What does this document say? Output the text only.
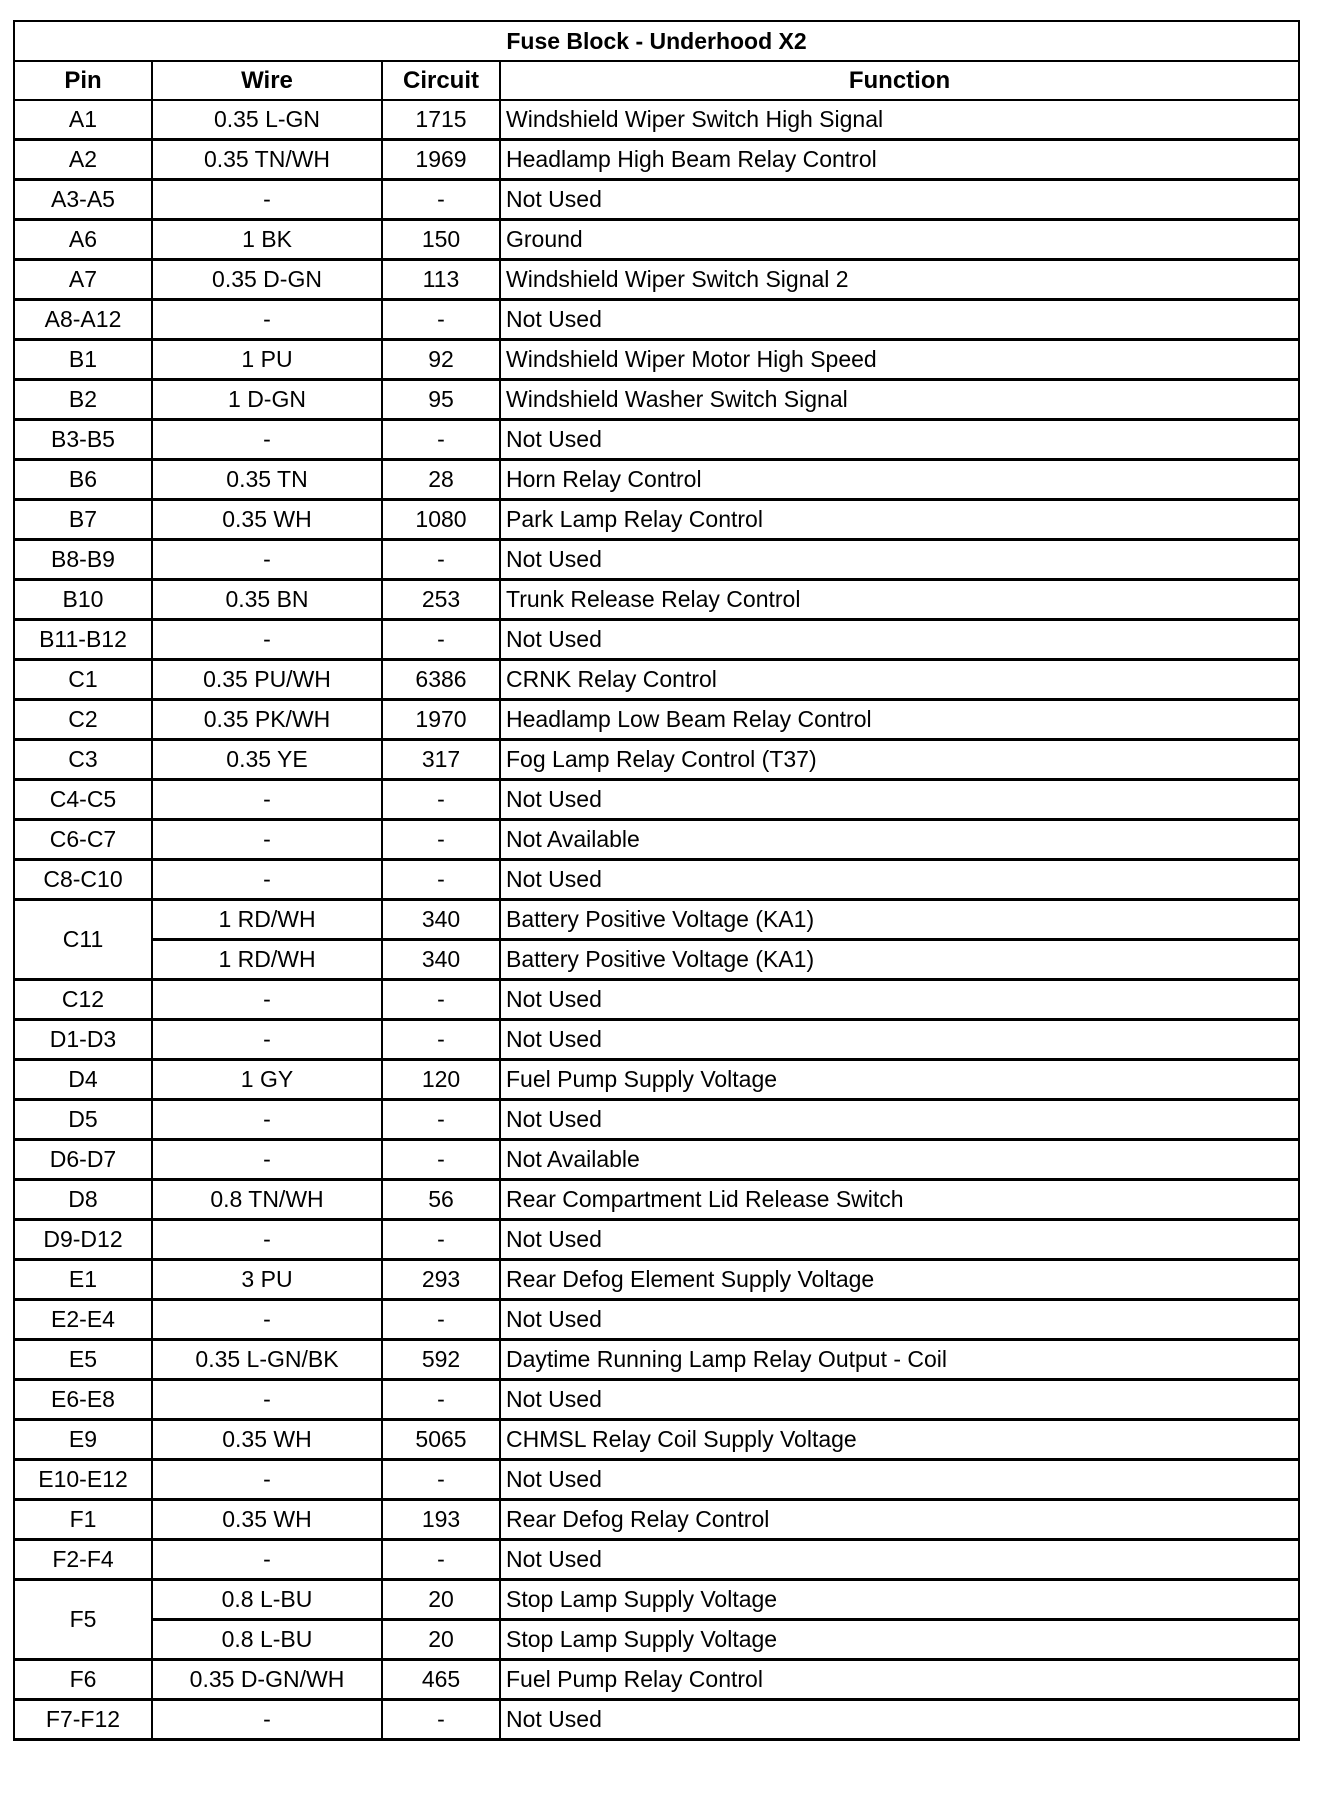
Fuse Block - Underhood X2			
Pin	Wire	Circuit	Function
A1	0.35 L-GN	1715	Windshield Wiper Switch High Signal
A2	0.35 TN/WH	1969	Headlamp High Beam Relay Control
A3-A5	-	-	Not Used
A6	1 BK	150	Ground
A7	0.35 D-GN	113	Windshield Wiper Switch Signal 2
A8-A12	-	-	Not Used
B1	1 PU	92	Windshield Wiper Motor High Speed
B2	1 D-GN	95	Windshield Washer Switch Signal
B3-B5	-	-	Not Used
B6	0.35 TN	28	Horn Relay Control
B7	0.35 WH	1080	Park Lamp Relay Control
B8-B9	-	-	Not Used
B10	0.35 BN	253	Trunk Release Relay Control
B11-B12	-	-	Not Used
C1	0.35 PU/WH	6386	CRNK Relay Control
C2	0.35 PK/WH	1970	Headlamp Low Beam Relay Control
C3	0.35 YE	317	Fog Lamp Relay Control (T37)
C4-C5	-	-	Not Used
C6-C7	-	-	Not Available
C8-C10	-	-	Not Used
C11	1 RD/WH	340	Battery Positive Voltage (KA1)
	1 RD/WH	340	Battery Positive Voltage (KA1)
C12	-	-	Not Used
D1-D3	-	-	Not Used
D4	1 GY	120	Fuel Pump Supply Voltage
D5	-	-	Not Used
D6-D7	-	-	Not Available
D8	0.8 TN/WH	56	Rear Compartment Lid Release Switch
D9-D12	-	-	Not Used
E1	3 PU	293	Rear Defog Element Supply Voltage
E2-E4	-	-	Not Used
E5	0.35 L-GN/BK	592	Daytime Running Lamp Relay Output - Coil
E6-E8	-	-	Not Used
E9	0.35 WH	5065	CHMSL Relay Coil Supply Voltage
E10-E12	-	-	Not Used
F1	0.35 WH	193	Rear Defog Relay Control
F2-F4	-	-	Not Used
F5	0.8 L-BU	20	Stop Lamp Supply Voltage
	0.8 L-BU	20	Stop Lamp Supply Voltage
F6	0.35 D-GN/WH	465	Fuel Pump Relay Control
F7-F12	-	-	Not Used
